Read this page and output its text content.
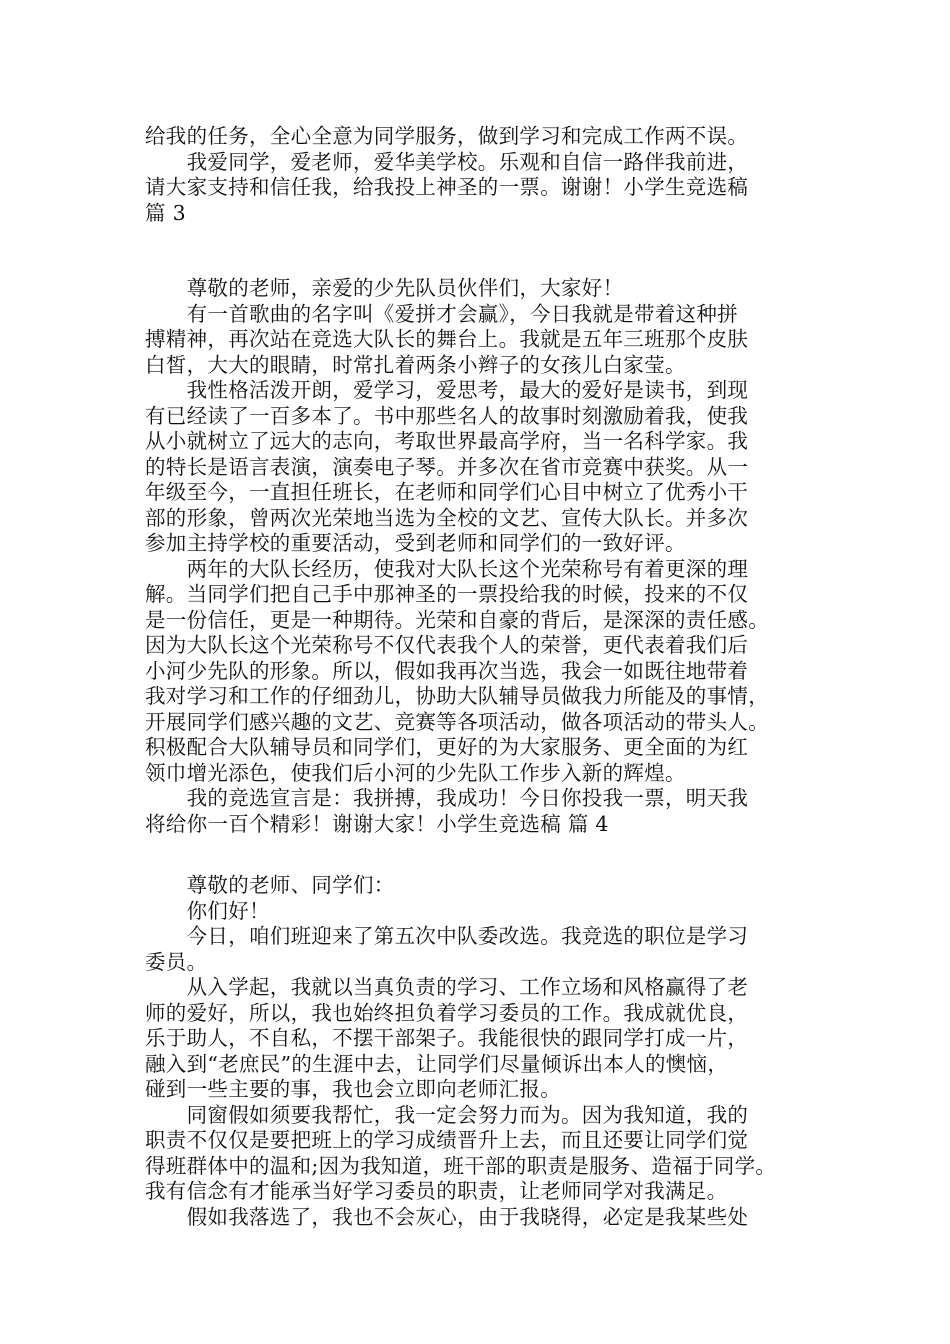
给我的任务，全心全意为同学服务，做到学习和完成工作两不误。
　　我爱同学，爱老师，爱华美学校。乐观和自信一路伴我前进，
请大家支持和信任我，给我投上神圣的一票。谢谢！小学生竞选稿
篇 3
　　尊敬的老师，亲爱的少先队员伙伴们，大家好！
　　有一首歌曲的名字叫《爱拼才会赢》，今日我就是带着这种拼
搏精神，再次站在竞选大队长的舞台上。我就是五年三班那个皮肤
白皙，大大的眼睛，时常扎着两条小辫子的女孩儿白家莹。
　　我性格活泼开朗，爱学习，爱思考，最大的爱好是读书，到现
有已经读了一百多本了。书中那些名人的故事时刻激励着我，使我
从小就树立了远大的志向，考取世界最高学府，当一名科学家。我
的特长是语言表演，演奏电子琴。并多次在省市竞赛中获奖。从一
年级至今，一直担任班长，在老师和同学们心目中树立了优秀小干
部的形象，曾两次光荣地当选为全校的文艺、宣传大队长。并多次
参加主持学校的重要活动，受到老师和同学们的一致好评。
　　两年的大队长经历，使我对大队长这个光荣称号有着更深的理
解。当同学们把自己手中那神圣的一票投给我的时候，投来的不仅
是一份信任，更是一种期待。光荣和自豪的背后，是深深的责任感。
因为大队长这个光荣称号不仅代表我个人的荣誉，更代表着我们后
小河少先队的形象。所以，假如我再次当选，我会一如既往地带着
我对学习和工作的仔细劲儿，协助大队辅导员做我力所能及的事情，
开展同学们感兴趣的文艺、竞赛等各项活动，做各项活动的带头人。
积极配合大队辅导员和同学们，更好的为大家服务、更全面的为红
领巾增光添色，使我们后小河的少先队工作步入新的辉煌。
　　我的竞选宣言是：我拼搏，我成功！今日你投我一票，明天我
将给你一百个精彩！谢谢大家！小学生竞选稿 篇 4
　　尊敬的老师、同学们：
　　你们好！
　　今日，咱们班迎来了第五次中队委改选。我竞选的职位是学习
委员。
　　从入学起，我就以当真负责的学习、工作立场和风格赢得了老
师的爱好，所以，我也始终担负着学习委员的工作。我成就优良，
乐于助人，不自私，不摆干部架子。我能很快的跟同学打成一片，
融入到“老庶民”的生涯中去，让同学们尽量倾诉出本人的懊恼，
碰到一些主要的事，我也会立即向老师汇报。
　　同窗假如须要我帮忙，我一定会努力而为。因为我知道，我的
职责不仅仅是要把班上的学习成绩晋升上去，而且还要让同学们觉
得班群体中的温和;因为我知道，班干部的职责是服务、造福于同学。
我有信念有才能承当好学习委员的职责，让老师同学对我满足。
　　假如我落选了，我也不会灰心，由于我晓得，必定是我某些处
